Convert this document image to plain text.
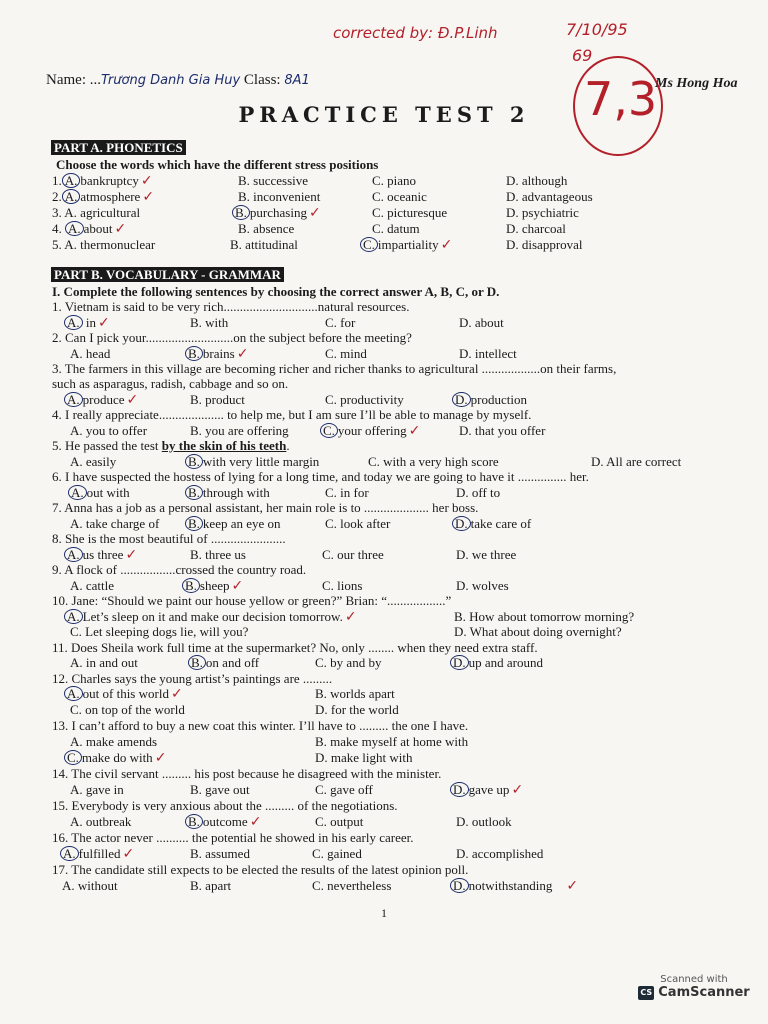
corrected by: Đ.P.Linh	7/10/95
69
7,3
Name: ...Trương Danh Gia Huy Class: 8A1	Ms Hong Hoa
PRACTICE TEST 2
PART A. PHONETICS
Choose the words which have the different stress positions
1. A. bankruptcy ✓	B. successive	C. piano	D. although
2. A. atmosphere ✓	B. inconvenient	C. oceanic	D. advantageous
3. A. agricultural	B. purchasing ✓	C. picturesque	D. psychiatric
4. A. about ✓	B. absence	C. datum	D. charcoal
5. A. thermonuclear	B. attitudinal	C. impartiality ✓	D. disapproval
PART B. VOCABULARY - GRAMMAR
I. Complete the following sentences by choosing the correct answer A, B, C, or D.
1. Vietnam is said to be very rich.............................natural resources.
A. in ✓	B. with	C. for	D. about
2. Can I pick your...........................on the subject before the meeting?
A. head	B. brains ✓	C. mind	D. intellect
3. The farmers in this village are becoming richer and richer thanks to agricultural ..................on their farms,
such as asparagus, radish, cabbage and so on.
A. produce ✓	B. product	C. productivity	D. production
4. I really appreciate.................... to help me, but I am sure I’ll be able to manage by myself.
A. you to offer	B. you are offering	C. your offering ✓	D. that you offer
5. He passed the test by the skin of his teeth.
A. easily	B. with very little margin	C. with a very high score	D. All are correct
6. I have suspected the hostess of lying for a long time, and today we are going to have it ............... her.
A. out with	B. through with	C. in for	D. off to
7. Anna has a job as a personal assistant, her main role is to .................... her boss.
A. take charge of B. keep an eye on	C. look after	D. take care of
8. She is the most beautiful of .......................
A. us three ✓	B. three us	C. our three	D. we three
9. A flock of .................crossed the country road.
A. cattle	B. sheep ✓	C. lions	D. wolves
10. Jane: “Should we paint our house yellow or green?” Brian: “..................”
A. Let’s sleep on it and make our decision tomorrow. ✓	B. How about tomorrow morning?
C. Let sleeping dogs lie, will you?	D. What about doing overnight?
11. Does Sheila work full time at the supermarket? No, only ........ when they need extra staff.
A. in and out	B. on and off	C. by and by	D. up and around
12. Charles says the young artist’s paintings are .........
A. out of this world ✓	B. worlds apart
C. on top of the world	D. for the world
13. I can’t afford to buy a new coat this winter. I’ll have to ......... the one I have.
A. make amends	B. make myself at home with
C. make do with ✓	D. make light with
14. The civil servant ......... his post because he disagreed with the minister.
A. gave in	B. gave out	C. gave off	D. gave up ✓
15. Everybody is very anxious about the ......... of the negotiations.
A. outbreak	B. outcome ✓	C. output	D. outlook
16. The actor never .......... the potential he showed in his early career.
A. fulfilled ✓	B. assumed	C. gained	D. accomplished
17. The candidate still expects to be elected the results of the latest opinion poll.
A. without	B. apart	C. nevertheless	D. notwithstanding ✓
1
Scanned with
CS CamScanner
